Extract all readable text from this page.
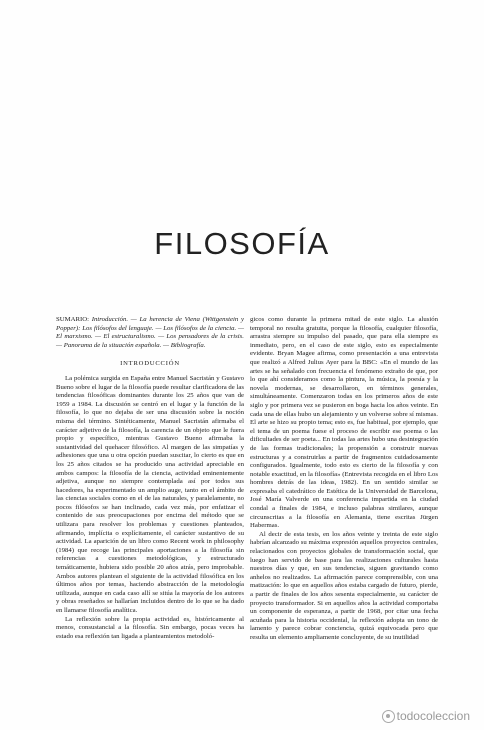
FILOSOFÍA

SUMARIO: Introducción. — La herencia de Viena (Wittgenstein y Popper): Los filósofos del lenguaje. — Los filósofos de la ciencia. — El marxismo. — El estructuralismo. — Los pensadores de la crisis. — Panorama de la situación española. — Bibliografía.

INTRODUCCIÓN

La polémica surgida en España entre Manuel Sacristán y Gustavo Bueno sobre el lugar de la filosofía puede resultar clarificadora de las tendencias filosóficas dominantes durante los 25 años que van de 1959 a 1984. La discusión se centró en el lugar y la función de la filosofía, lo que no dejaba de ser una discusión sobre la noción misma del término. Sintéticamente, Manuel Sacristán afirmaba el carácter adjetivo de la filosofía, la carencia de un objeto que le fuera propio y específico, mientras Gustavo Bueno afirmaba la sustantividad del quehacer filosófico. Al margen de las simpatías y adhesiones que una u otra opción puedan suscitar, lo cierto es que en los 25 años citados se ha producido una actividad apreciable en ambos campos: la filosofía de la ciencia, actividad eminentemente adjetiva, aunque no siempre contemplada así por todos sus hacedores, ha experimentado un amplio auge, tanto en el ámbito de las ciencias sociales como en el de las naturales, y paralelamente, no pocos filósofos se han inclinado, cada vez más, por enfatizar el contenido de sus preocupaciones por encima del método que se utilizara para resolver los problemas y cuestiones planteados, afirmando, implícita o explícitamente, el carácter sustantivo de su actividad. La aparición de un libro como Recent work in philosophy (1984) que recoge las principales aportaciones a la filosofía sin referencias a cuestiones metodológicas, y estructurado temáticamente, hubiera sido posible 20 años atrás, pero improbable. Ambos autores plantean el siguiente de la actividad filosófica en los últimos años por temas, haciendo abstracción de la metodología utilizada, aunque en cada caso allí se sitúa la mayoría de los autores y obras reseñados se hallarían incluidos dentro de lo que se ha dado en llamarse filosofía analítica.

La reflexión sobre la propia actividad es, históricamente al menos, consustancial a la filosofía. Sin embargo, pocas veces ha estado esa reflexión tan ligada a planteamientos metodoló-

gicos como durante la primera mitad de este siglo. La alusión temporal no resulta gratuita, porque la filosofía, cualquier filosofía, arrastra siempre su impulso del pasado, que para ella siempre es inmediato, pero, en el caso de este siglo, esto es especialmente evidente. Bryan Magee afirma, como presentación a una entrevista que realizó a Alfred Julius Ayer para la BBC: «En el mundo de las artes se ha señalado con frecuencia el fenómeno extraño de que, por lo que ahí consideramos como la pintura, la música, la poesía y la novela modernas, se desarrollaron, en términos generales, simultáneamente. Comenzaron todas en los primeros años de este siglo y por primera vez se pusieron en boga hacia los años veinte. En cada una de ellas hubo un alejamiento y un volverse sobre sí mismas. El arte se hizo su propio tema; esto es, fue habitual, por ejemplo, que el tema de un poema fuese el proceso de escribir ese poema o las dificultades de ser poeta... En todas las artes hubo una desintegración de las formas tradicionales; la propensión a construir nuevas estructuras y a construirlas a partir de fragmentos cuidadosamente configurados. Igualmente, todo esto es cierto de la filosofía y con notable exactitud, en la filosofía» (Entrevista recogida en el libro Los hombres detrás de las ideas, 1982). En un sentido similar se expresaba el catedrático de Estética de la Universidad de Barcelona, José María Valverde en una conferencia impartida en la ciudad condal a finales de 1984, e incluso palabras similares, aunque circunscritas a la filosofía en Alemania, tiene escritas Jürgen Habermas.

Al decir de esta tesis, en los años veinte y treinta de este siglo habrían alcanzado su máxima expresión aquellos proyectos centrales, relacionados con proyectos globales de transformación social, que luego han servido de base para las realizaciones culturales hasta nuestros días y que, en sus tendencias, siguen gravitando como anhelos no realizados. La afirmación parece comprensible, con una matización: lo que en aquellos años estaba cargado de futuro, pierde, a partir de finales de los años sesenta especialmente, su carácter de proyecto transformador. Si en aquellos años la actividad comportaba un componente de esperanza, a partir de 1968, por citar una fecha acuñada para la historia occidental, la reflexión adopta un tono de lamento y parece cobrar conciencia, quizá equivocada pero que resulta un elemento ampliamente concluyente, de su inutilidad

todocoleccion
